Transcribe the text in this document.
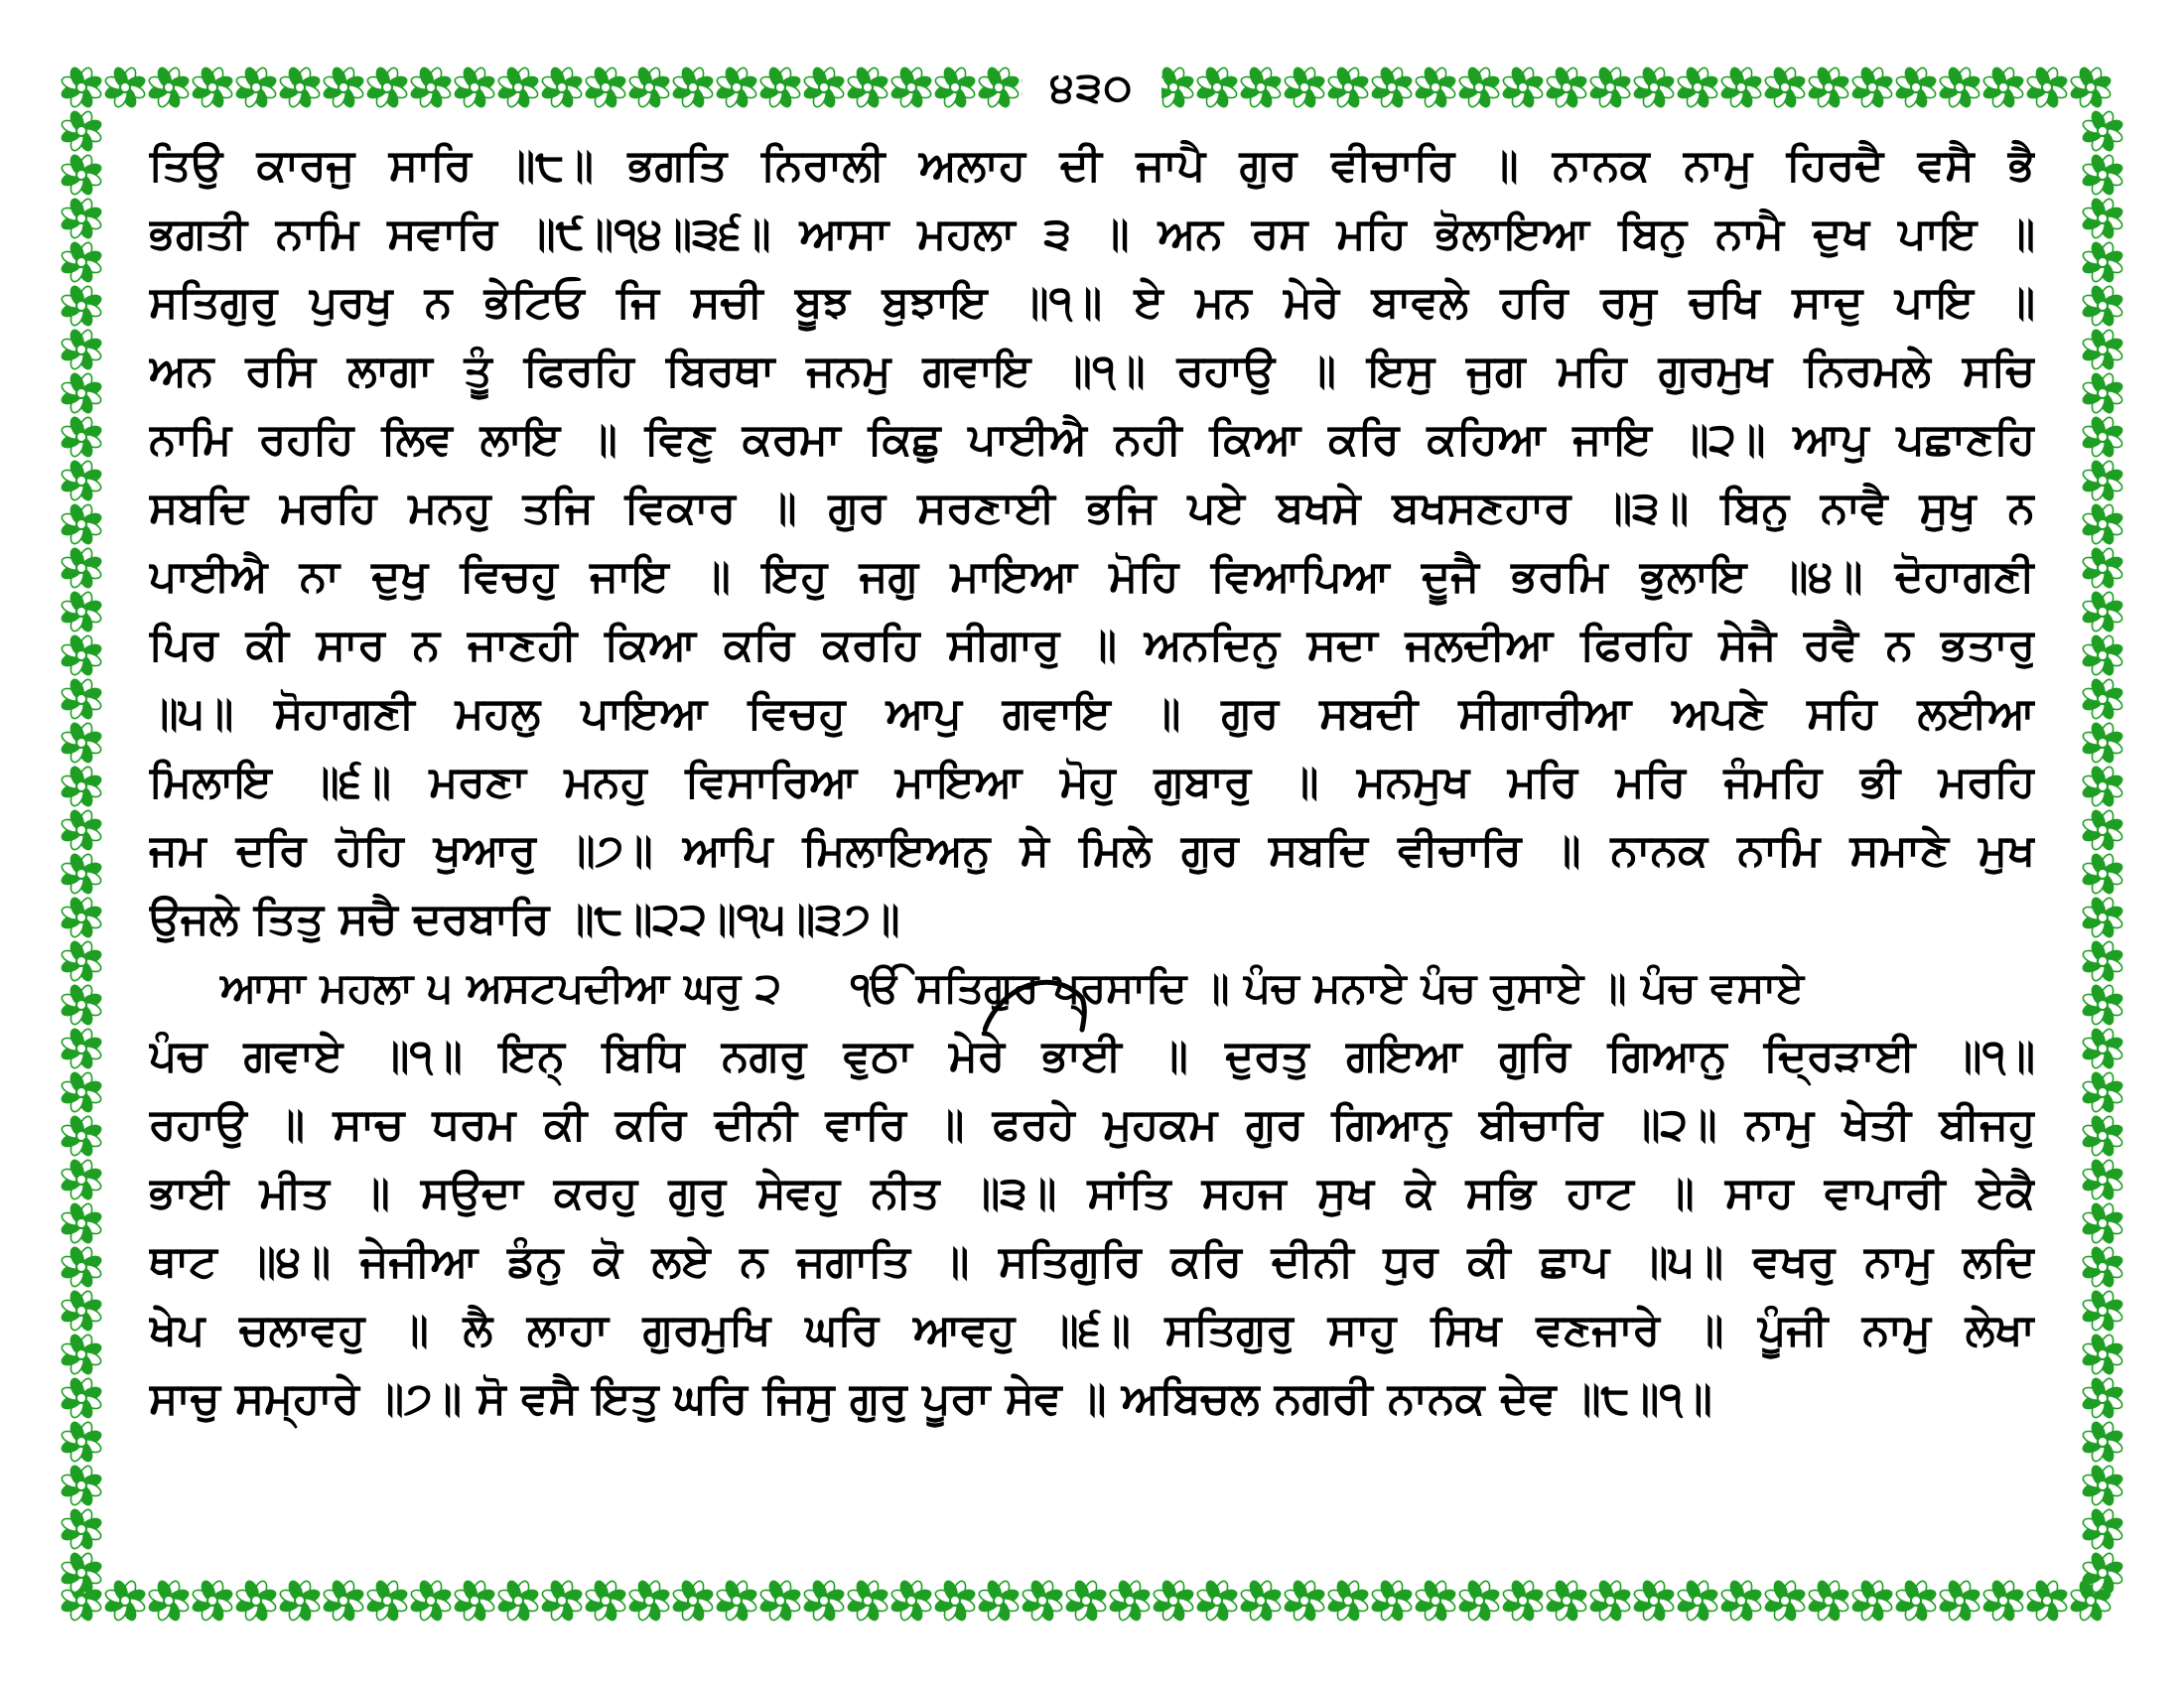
੪੩੦
ਤਿਉ ਕਾਰਜੁ ਸਾਰਿ ॥੮॥ ਭਗਤਿ ਨਿਰਾਲੀ ਅਲਾਹ ਦੀ ਜਾਪੈ ਗੁਰ ਵੀਚਾਰਿ ॥ ਨਾਨਕ ਨਾਮੁ ਹਿਰਦੈ ਵਸੈ ਭੈ
ਭਗਤੀ ਨਾਮਿ ਸਵਾਰਿ ॥੯॥੧੪॥੩੬॥ ਆਸਾ ਮਹਲਾ ੩ ॥ ਅਨ ਰਸ ਮਹਿ ਭੋਲਾਇਆ ਬਿਨੁ ਨਾਮੈ ਦੁਖ ਪਾਇ ॥
ਸਤਿਗੁਰੁ ਪੁਰਖੁ ਨ ਭੇਟਿਓ ਜਿ ਸਚੀ ਬੂਝ ਬੁਝਾਇ ॥੧॥ ਏ ਮਨ ਮੇਰੇ ਬਾਵਲੇ ਹਰਿ ਰਸੁ ਚਖਿ ਸਾਦੁ ਪਾਇ ॥
ਅਨ ਰਸਿ ਲਾਗਾ ਤੂੰ ਫਿਰਹਿ ਬਿਰਥਾ ਜਨਮੁ ਗਵਾਇ ॥੧॥ ਰਹਾਉ ॥ ਇਸੁ ਜੁਗ ਮਹਿ ਗੁਰਮੁਖ ਨਿਰਮਲੇ ਸਚਿ
ਨਾਮਿ ਰਹਹਿ ਲਿਵ ਲਾਇ ॥ ਵਿਣੁ ਕਰਮਾ ਕਿਛੁ ਪਾਈਐ ਨਹੀ ਕਿਆ ਕਰਿ ਕਹਿਆ ਜਾਇ ॥੨॥ ਆਪੁ ਪਛਾਣਹਿ
ਸਬਦਿ ਮਰਹਿ ਮਨਹੁ ਤਜਿ ਵਿਕਾਰ ॥ ਗੁਰ ਸਰਣਾਈ ਭਜਿ ਪਏ ਬਖਸੇ ਬਖਸਣਹਾਰ ॥੩॥ ਬਿਨੁ ਨਾਵੈ ਸੁਖੁ ਨ
ਪਾਈਐ ਨਾ ਦੁਖੁ ਵਿਚਹੁ ਜਾਇ ॥ ਇਹੁ ਜਗੁ ਮਾਇਆ ਮੋਹਿ ਵਿਆਪਿਆ ਦੂਜੈ ਭਰਮਿ ਭੁਲਾਇ ॥੪॥ ਦੋਹਾਗਣੀ
ਪਿਰ ਕੀ ਸਾਰ ਨ ਜਾਣਹੀ ਕਿਆ ਕਰਿ ਕਰਹਿ ਸੀਗਾਰੁ ॥ ਅਨਦਿਨੁ ਸਦਾ ਜਲਦੀਆ ਫਿਰਹਿ ਸੇਜੈ ਰਵੈ ਨ ਭਤਾਰੁ
॥੫॥ ਸੋਹਾਗਣੀ ਮਹਲੁ ਪਾਇਆ ਵਿਚਹੁ ਆਪੁ ਗਵਾਇ ॥ ਗੁਰ ਸਬਦੀ ਸੀਗਾਰੀਆ ਅਪਣੇ ਸਹਿ ਲਈਆ
ਮਿਲਾਇ ॥੬॥ ਮਰਣਾ ਮਨਹੁ ਵਿਸਾਰਿਆ ਮਾਇਆ ਮੋਹੁ ਗੁਬਾਰੁ ॥ ਮਨਮੁਖ ਮਰਿ ਮਰਿ ਜੰਮਹਿ ਭੀ ਮਰਹਿ
ਜਮ ਦਰਿ ਹੋਹਿ ਖੁਆਰੁ ॥੭॥ ਆਪਿ ਮਿਲਾਇਅਨੁ ਸੇ ਮਿਲੇ ਗੁਰ ਸਬਦਿ ਵੀਚਾਰਿ ॥ ਨਾਨਕ ਨਾਮਿ ਸਮਾਣੇ ਮੁਖ
ਉਜਲੇ ਤਿਤੁ ਸਚੈ ਦਰਬਾਰਿ ॥੮॥੨੨॥੧੫॥੩੭॥
ਆਸਾ ਮਹਲਾ ੫ ਅਸਟਪਦੀਆ ਘਰੁ ੨ ੴ ਸਤਿਗੁਰ ਪ੍ਰਸਾਦਿ ॥ ਪੰਚ ਮਨਾਏ ਪੰਚ ਰੁਸਾਏ ॥ ਪੰਚ ਵਸਾਏ
ਪੰਚ ਗਵਾਏ ॥੧॥ ਇਨ੍ ਬਿਧਿ ਨਗਰੁ ਵੁਠਾ ਮੇਰੇ ਭਾਈ ॥ ਦੁਰਤੁ ਗਇਆ ਗੁਰਿ ਗਿਆਨੁ ਦ੍ਰਿੜਾਈ ॥੧॥
ਰਹਾਉ ॥ ਸਾਚ ਧਰਮ ਕੀ ਕਰਿ ਦੀਨੀ ਵਾਰਿ ॥ ਫਰਹੇ ਮੁਹਕਮ ਗੁਰ ਗਿਆਨੁ ਬੀਚਾਰਿ ॥੨॥ ਨਾਮੁ ਖੇਤੀ ਬੀਜਹੁ
ਭਾਈ ਮੀਤ ॥ ਸਉਦਾ ਕਰਹੁ ਗੁਰੁ ਸੇਵਹੁ ਨੀਤ ॥੩॥ ਸਾਂਤਿ ਸਹਜ ਸੁਖ ਕੇ ਸਭਿ ਹਾਟ ॥ ਸਾਹ ਵਾਪਾਰੀ ਏਕੈ
ਥਾਟ ॥੪॥ ਜੇਜੀਆ ਡੰਨੁ ਕੋ ਲਏ ਨ ਜਗਾਤਿ ॥ ਸਤਿਗੁਰਿ ਕਰਿ ਦੀਨੀ ਧੁਰ ਕੀ ਛਾਪ ॥੫॥ ਵਖਰੁ ਨਾਮੁ ਲਦਿ
ਖੇਪ ਚਲਾਵਹੁ ॥ ਲੈ ਲਾਹਾ ਗੁਰਮੁਖਿ ਘਰਿ ਆਵਹੁ ॥੬॥ ਸਤਿਗੁਰੁ ਸਾਹੁ ਸਿਖ ਵਣਜਾਰੇ ॥ ਪੂੰਜੀ ਨਾਮੁ ਲੇਖਾ
ਸਾਚੁ ਸਮ੍ਹਾਰੇ ॥੭॥ ਸੋ ਵਸੈ ਇਤੁ ਘਰਿ ਜਿਸੁ ਗੁਰੁ ਪੂਰਾ ਸੇਵ ॥ ਅਬਿਚਲ ਨਗਰੀ ਨਾਨਕ ਦੇਵ ॥੮॥੧॥
